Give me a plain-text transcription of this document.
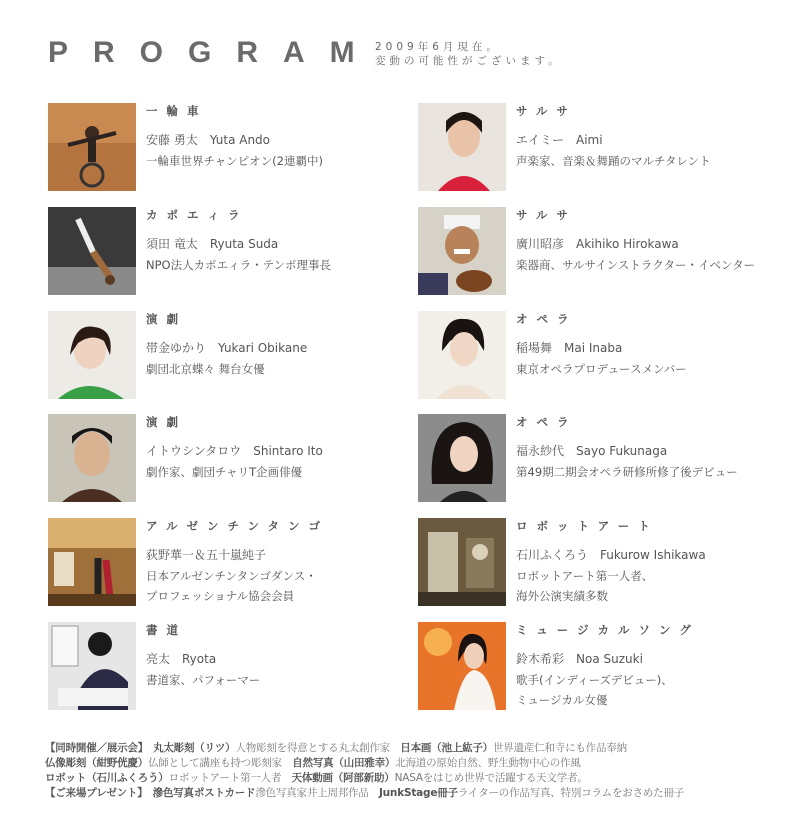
PROGRAM
2009年6月現在。
変動の可能性がございます。
一輪車
安藤 勇太　Yuta Ando
一輪車世界チャンピオン(2連覇中)
サルサ
エイミー　Aimi
声楽家、音楽＆舞踊のマルチタレント
カポエィラ
須田 竜太　Ryuta Suda
NPO法人カポエィラ・テンポ理事長
サルサ
廣川昭彦　Akihiko Hirokawa
楽器商、サルサインストラクター・イベンター
演劇
帯金ゆかり　Yukari Obikane
劇団北京蝶々 舞台女優
オペラ
稲場舞　Mai Inaba
東京オペラプロデュースメンバー
演劇
イトウシンタロウ　Shintaro Ito
劇作家、劇団チャリT企画俳優
オペラ
福永紗代　Sayo Fukunaga
第49期二期会オペラ研修所修了後デビュー
アルゼンチンタンゴ
荻野華一＆五十嵐純子
日本アルゼンチンタンゴダンス・
プロフェッショナル協会会員
ロボットアート
石川ふくろう　Fukurow Ishikawa
ロボットアート第一人者、
海外公演実績多数
書道
亮太　Ryota
書道家、パフォーマー
ミュージカルソング
鈴木希彩　Noa Suzuki
歌手(インディーズデビュー)、
ミュージカル女優
【同時開催／展示会】　 丸太彫刻（リツ）人物彫刻を得意とする丸太創作家　日本画（池上紘子）世界遺産仁和寺にも作品奉納
仏像彫刻（紺野侊慶）仏師として講座も持つ彫刻家　自然写真（山田雅幸）北海道の原始自然、野生動物中心の作風
ロボット（石川ふくろう）ロボットアート第一人者　天体動画（阿部新助）NASAをはじめ世界で活躍する天文学者。
【ご来場プレゼント】　 滲色写真ポストカード滲色写真家井上周邦作品　JunkStage冊子ライターの作品写真、特別コラムをおさめた冊子
